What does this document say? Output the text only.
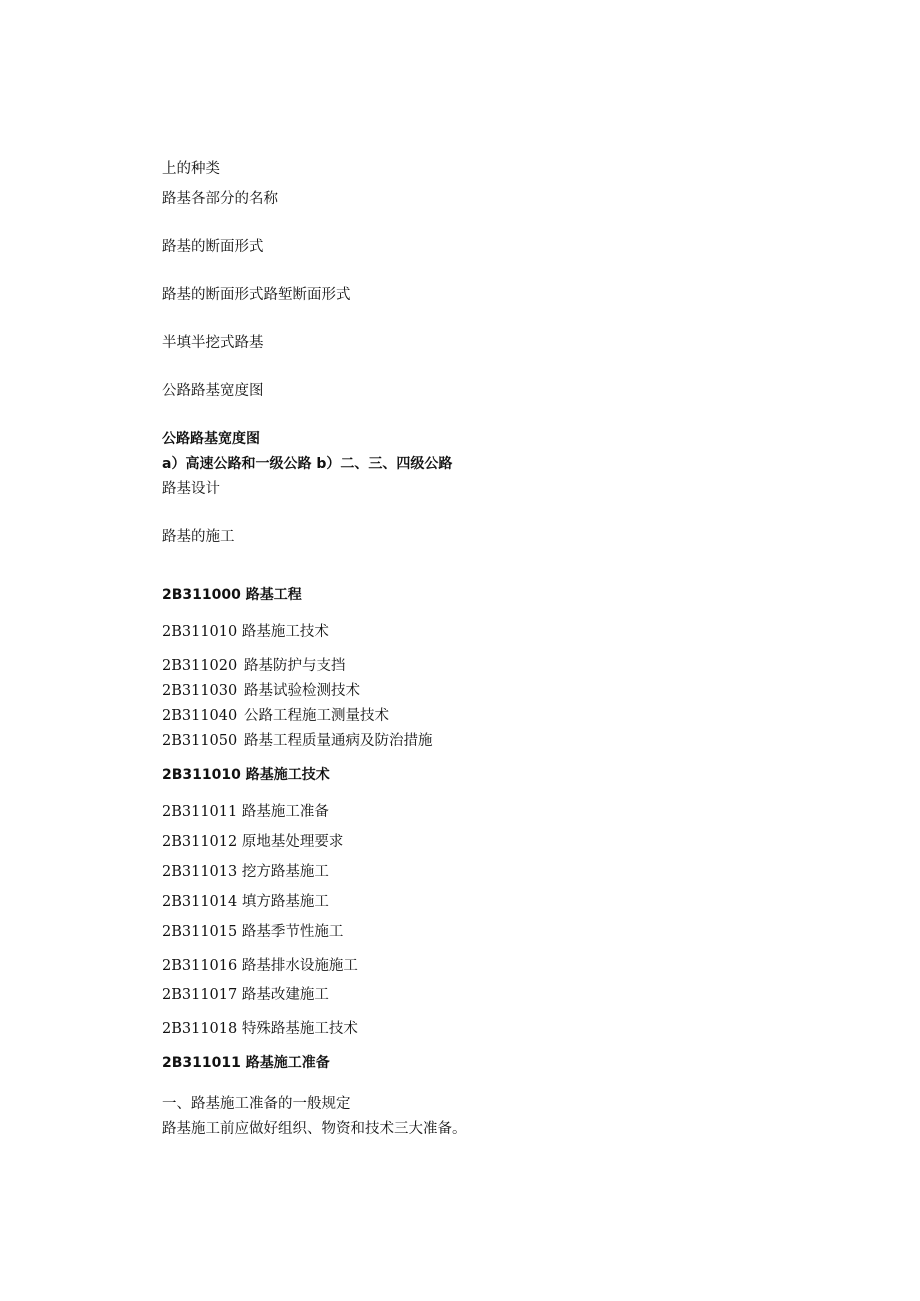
上的种类
路基各部分的名称
路基的断面形式
路基的断面形式路堑断面形式
半填半挖式路基
公路路基宽度图
公路路基宽度图
a）高速公路和一级公路 b）二、三、四级公路
路基设计
路基的施工
2B311000 路基工程
2B311010 路基施工技术
2B311020 路基防护与支挡
2B311030 路基试验检测技术
2B311040 公路工程施工测量技术
2B311050 路基工程质量通病及防治措施
2B311010 路基施工技术
2B311011 路基施工准备
2B311012 原地基处理要求
2B311013 挖方路基施工
2B311014 填方路基施工
2B311015 路基季节性施工
2B311016 路基排水设施施工
2B311017 路基改建施工
2B311018 特殊路基施工技术
2B311011 路基施工准备
一、路基施工准备的一般规定
路基施工前应做好组织、物资和技术三大准备。
